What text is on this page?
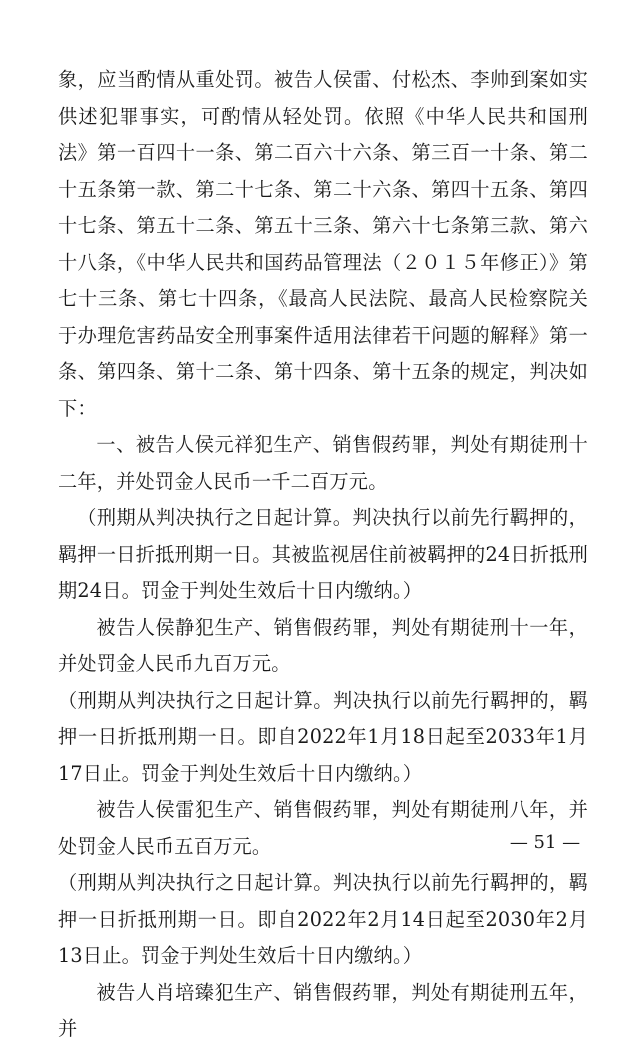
象，应当酌情从重处罚。被告人侯雷、付松杰、李帅到案如实供述犯罪事实，可酌情从轻处罚。依照《中华人民共和国刑法》第一百四十一条、第二百六十六条、第三百一十条、第二十五条第一款、第二十七条、第二十六条、第四十五条、第四十七条、第五十二条、第五十三条、第六十七条第三款、第六十八条，《中华人民共和国药品管理法（２０１５年修正）》第七十三条、第七十四条，《最高人民法院、最高人民检察院关于办理危害药品安全刑事案件适用法律若干问题的解释》第一条、第四条、第十二条、第十四条、第十五条的规定，判决如下：

一、被告人侯元祥犯生产、销售假药罪，判处有期徒刑十二年，并处罚金人民币一千二百万元。

（刑期从判决执行之日起计算。判决执行以前先行羁押的，羁押一日折抵刑期一日。其被监视居住前被羁押的24日折抵刑期24日。罚金于判处生效后十日内缴纳。）

被告人侯静犯生产、销售假药罪，判处有期徒刑十一年，并处罚金人民币九百万元。

（刑期从判决执行之日起计算。判决执行以前先行羁押的，羁押一日折抵刑期一日。即自2022年1月18日起至2033年1月17日止。罚金于判处生效后十日内缴纳。）

被告人侯雷犯生产、销售假药罪，判处有期徒刑八年，并处罚金人民币五百万元。

（刑期从判决执行之日起计算。判决执行以前先行羁押的，羁押一日折抵刑期一日。即自2022年2月14日起至2030年2月13日止。罚金于判处生效后十日内缴纳。）

被告人肖培臻犯生产、销售假药罪，判处有期徒刑五年，并

— 51 —
